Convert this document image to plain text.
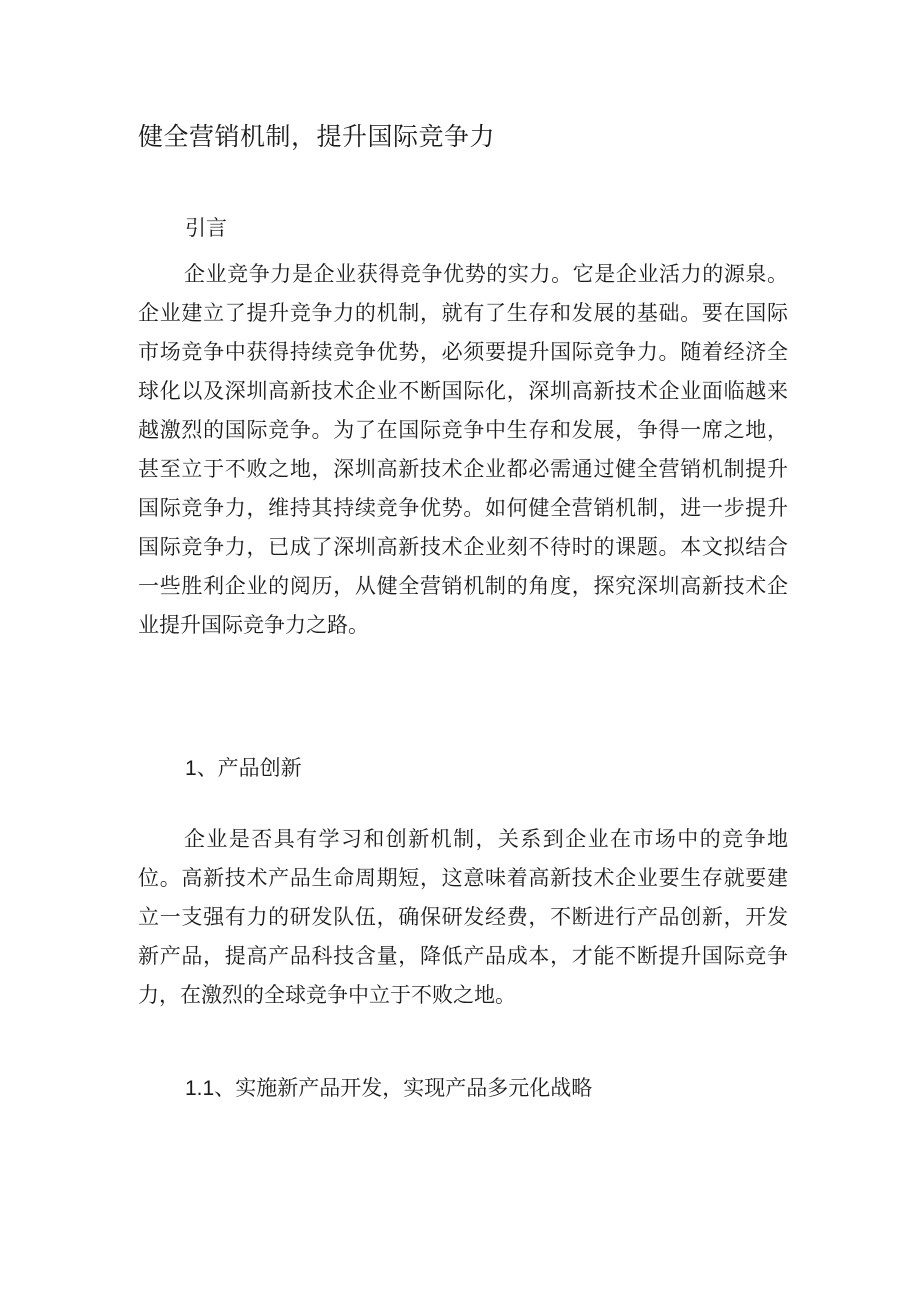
健全营销机制，提升国际竞争力
引言

企业竞争力是企业获得竞争优势的实力。它是企业活力的源泉。企业建立了提升竞争力的机制，就有了生存和发展的基础。要在国际市场竞争中获得持续竞争优势，必须要提升国际竞争力。随着经济全球化以及深圳高新技术企业不断国际化，深圳高新技术企业面临越来越激烈的国际竞争。为了在国际竞争中生存和发展，争得一席之地，甚至立于不败之地，深圳高新技术企业都必需通过健全营销机制提升国际竞争力，维持其持续竞争优势。如何健全营销机制，进一步提升国际竞争力，已成了深圳高新技术企业刻不待时的课题。本文拟结合一些胜利企业的阅历，从健全营销机制的角度，探究深圳高新技术企业提升国际竞争力之路。

1、产品创新

企业是否具有学习和创新机制，关系到企业在市场中的竞争地位。高新技术产品生命周期短，这意味着高新技术企业要生存就要建立一支强有力的研发队伍，确保研发经费，不断进行产品创新，开发新产品，提高产品科技含量，降低产品成本，才能不断提升国际竞争力，在激烈的全球竞争中立于不败之地。

1.1、实施新产品开发，实现产品多元化战略
